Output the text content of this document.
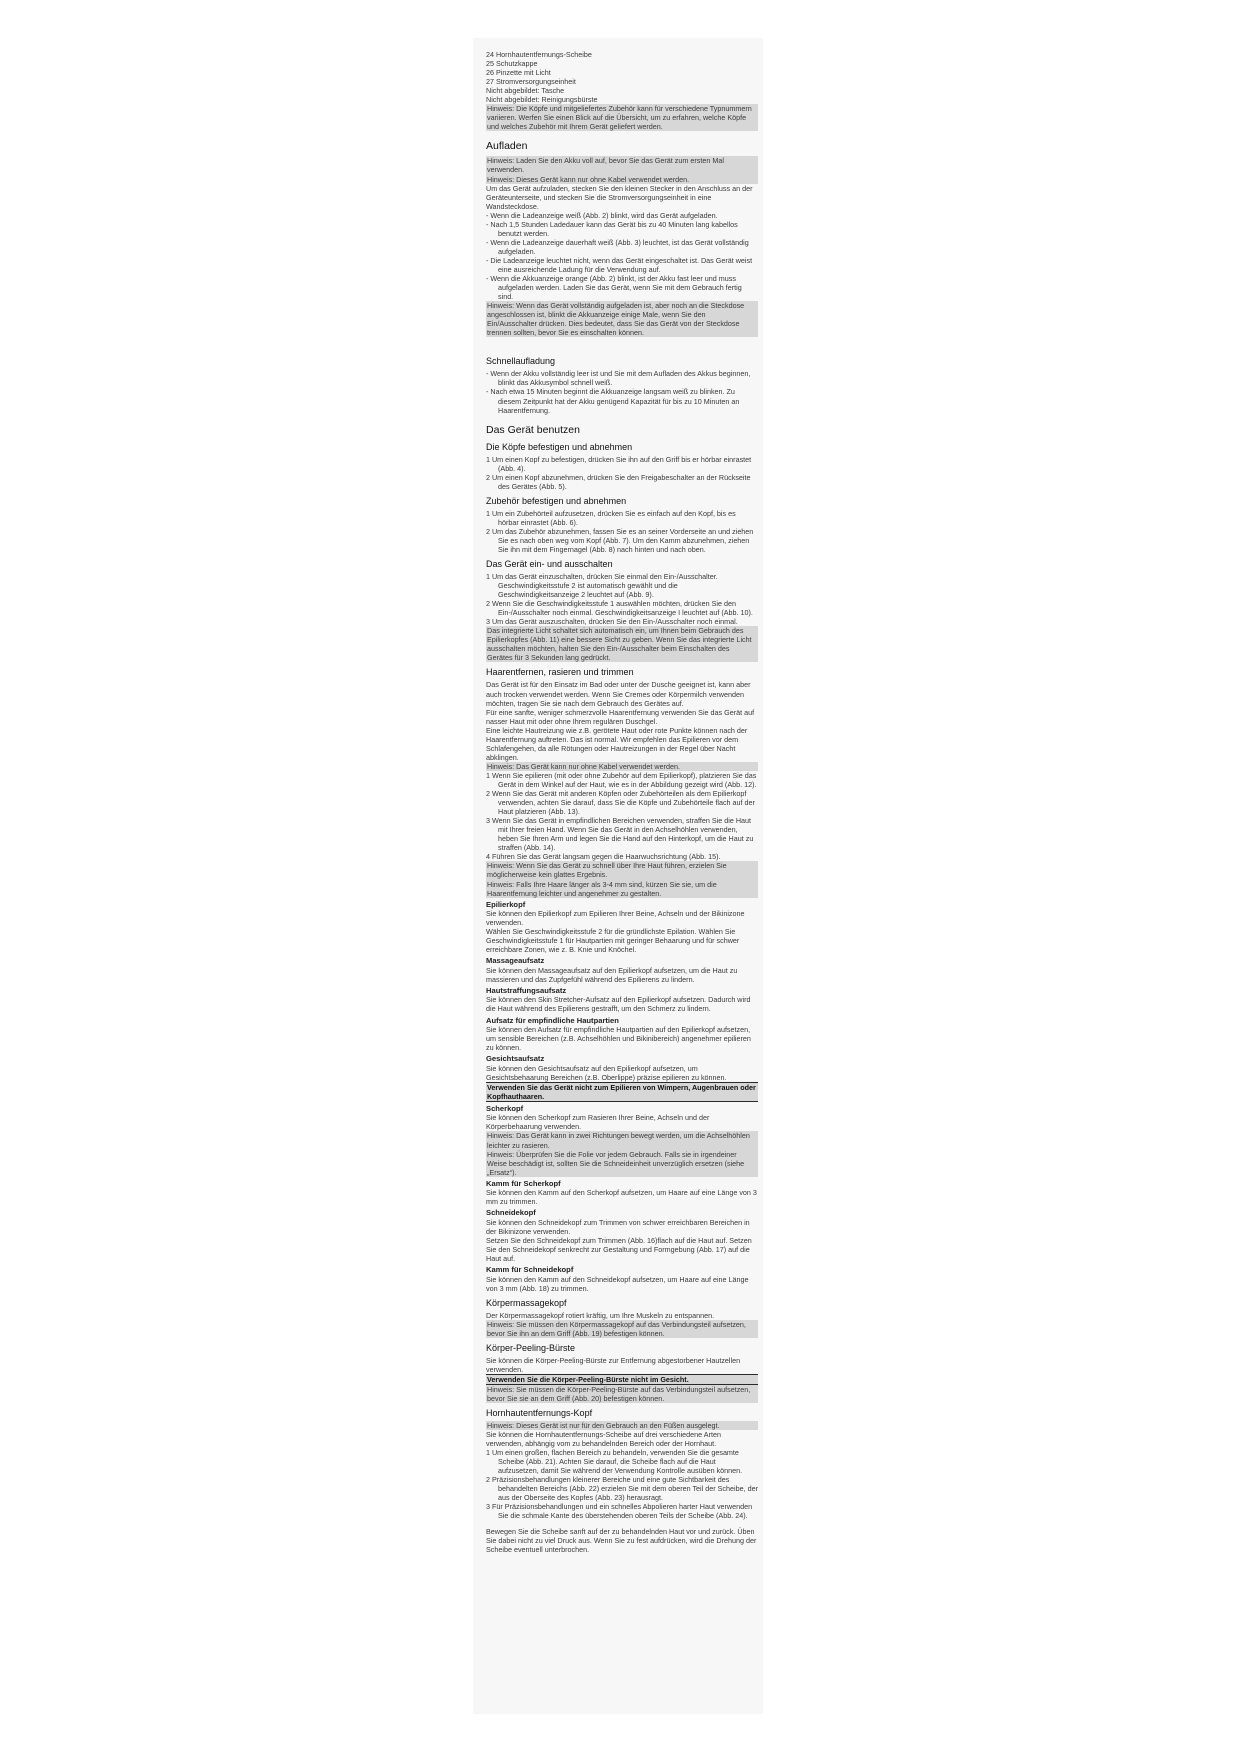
24 Hornhautentfernungs-Scheibe
25 Schutzkappe
26 Pinzette mit Licht
27 Stromversorgungseinheit
Nicht abgebildet: Tasche
Nicht abgebildet: Reinigungsbürste

Hinweis: Die Köpfe und mitgeliefertes Zubehör kann für verschiedene Typnummern variieren. Werfen Sie einen Blick auf die Übersicht, um zu erfahren, welche Köpfe und welches Zubehör mit Ihrem Gerät geliefert werden.

Aufladen

Hinweis: Laden Sie den Akku voll auf, bevor Sie das Gerät zum ersten Mal verwenden.

Hinweis: Dieses Gerät kann nur ohne Kabel verwendet werden.

Um das Gerät aufzuladen, stecken Sie den kleinen Stecker in den Anschluss an der Geräteunterseite, und stecken Sie die Stromversorgungseinheit in eine Wandsteckdose.

- Wenn die Ladeanzeige weiß (Abb. 2) blinkt, wird das Gerät aufgeladen.

- Nach 1,5 Stunden Ladedauer kann das Gerät bis zu 40 Minuten lang kabellos benutzt werden.

- Wenn die Ladeanzeige dauerhaft weiß (Abb. 3) leuchtet, ist das Gerät vollständig aufgeladen.

- Die Ladeanzeige leuchtet nicht, wenn das Gerät eingeschaltet ist. Das Gerät weist eine ausreichende Ladung für die Verwendung auf.

- Wenn die Akkuanzeige orange (Abb. 2) blinkt, ist der Akku fast leer und muss aufgeladen werden. Laden Sie das Gerät, wenn Sie mit dem Gebrauch fertig sind.

Hinweis: Wenn das Gerät vollständig aufgeladen ist, aber noch an die Steckdose angeschlossen ist, blinkt die Akkuanzeige einige Male, wenn Sie den Ein/Ausschalter drücken. Dies bedeutet, dass Sie das Gerät von der Steckdose trennen sollten, bevor Sie es einschalten können.

Schnellaufladung

- Wenn der Akku vollständig leer ist und Sie mit dem Aufladen des Akkus beginnen, blinkt das Akkusymbol schnell weiß.

- Nach etwa 15 Minuten beginnt die Akkuanzeige langsam weiß zu blinken. Zu diesem Zeitpunkt hat der Akku genügend Kapazität für bis zu 10 Minuten an Haarentfernung.

Das Gerät benutzen
Die Köpfe befestigen und abnehmen

1 Um einen Kopf zu befestigen, drücken Sie ihn auf den Griff bis er hörbar einrastet (Abb. 4).

2 Um einen Kopf abzunehmen, drücken Sie den Freigabeschalter an der Rückseite des Gerätes (Abb. 5).

Zubehör befestigen und abnehmen

1 Um ein Zubehörteil aufzusetzen, drücken Sie es einfach auf den Kopf, bis es hörbar einrastet (Abb. 6).

2 Um das Zubehör abzunehmen, fassen Sie es an seiner Vorderseite an und ziehen Sie es nach oben weg vom Kopf (Abb. 7). Um den Kamm abzunehmen, ziehen Sie ihn mit dem Fingernagel (Abb. 8) nach hinten und nach oben.

Das Gerät ein- und ausschalten

1 Um das Gerät einzuschalten, drücken Sie einmal den Ein-/Ausschalter. Geschwindigkeitsstufe 2 ist automatisch gewählt und die Geschwindigkeitsanzeige 2 leuchtet auf (Abb. 9).

2 Wenn Sie die Geschwindigkeitsstufe 1 auswählen möchten, drücken Sie den Ein-/Ausschalter noch einmal. Geschwindigkeitsanzeige I leuchtet auf (Abb. 10).

3 Um das Gerät auszuschalten, drücken Sie den Ein-/Ausschalter noch einmal.

Das integrierte Licht schaltet sich automatisch ein, um Ihnen beim Gebrauch des Epilierkopfes (Abb. 11) eine bessere Sicht zu geben. Wenn Sie das integrierte Licht ausschalten möchten, halten Sie den Ein-/Ausschalter beim Einschalten des Gerätes für 3 Sekunden lang gedrückt.

Haarentfernen, rasieren und trimmen

Das Gerät ist für den Einsatz im Bad oder unter der Dusche geeignet ist, kann aber auch trocken verwendet werden. Wenn Sie Cremes oder Körpermilch verwenden möchten, tragen Sie sie nach dem Gebrauch des Gerätes auf.

Für eine sanfte, weniger schmerzvolle Haarentfernung verwenden Sie das Gerät auf nasser Haut mit oder ohne Ihrem regulären Duschgel.

Eine leichte Hautreizung wie z.B. gerötete Haut oder rote Punkte können nach der Haarentfernung auftreten. Das ist normal. Wir empfehlen das Epilieren vor dem Schlafengehen, da alle Rötungen oder Hautreizungen in der Regel über Nacht abklingen.

Hinweis: Das Gerät kann nur ohne Kabel verwendet werden.

1 Wenn Sie epilieren (mit oder ohne Zubehör auf dem Epilierkopf), platzieren Sie das Gerät in dem Winkel auf der Haut, wie es in der Abbildung gezeigt wird (Abb. 12).

2 Wenn Sie das Gerät mit anderen Köpfen oder Zubehörteilen als dem Epilierkopf verwenden, achten Sie darauf, dass Sie die Köpfe und Zubehörteile flach auf der Haut platzieren (Abb. 13).

3 Wenn Sie das Gerät in empfindlichen Bereichen verwenden, straffen Sie die Haut mit Ihrer freien Hand. Wenn Sie das Gerät in den Achselhöhlen verwenden, heben Sie Ihren Arm und legen Sie die Hand auf den Hinterkopf, um die Haut zu straffen (Abb. 14).

4 Führen Sie das Gerät langsam gegen die Haarwuchsrichtung (Abb. 15).

Hinweis: Wenn Sie das Gerät zu schnell über Ihre Haut führen, erzielen Sie möglicherweise kein glattes Ergebnis.

Hinweis: Falls Ihre Haare länger als 3-4 mm sind, kürzen Sie sie, um die Haarentfernung leichter und angenehmer zu gestalten.

Epilierkopf

Sie können den Epilierkopf zum Epilieren Ihrer Beine, Achseln und der Bikinizone verwenden.

Wählen Sie Geschwindigkeitsstufe 2 für die gründlichste Epilation. Wählen Sie Geschwindigkeitsstufe 1 für Hautpartien mit geringer Behaarung und für schwer erreichbare Zonen, wie z. B. Knie und Knöchel.

Massageaufsatz

Sie können den Massageaufsatz auf den Epilierkopf aufsetzen, um die Haut zu massieren und das Zupfgefühl während des Epilierens zu lindern.

Hautstraffungsaufsatz

Sie können den Skin Stretcher-Aufsatz auf den Epilierkopf aufsetzen. Dadurch wird die Haut während des Epilierens gestrafft, um den Schmerz zu lindern.

Aufsatz für empfindliche Hautpartien

Sie können den Aufsatz für empfindliche Hautpartien auf den Epilierkopf aufsetzen, um sensible Bereichen (z.B. Achselhöhlen und Bikinibereich) angenehmer epilieren zu können.

Gesichtsaufsatz

Sie können den Gesichtsaufsatz auf den Epilierkopf aufsetzen, um Gesichtsbehaarung Bereichen (z.B. Oberlippe) präzise epilieren zu können.

Verwenden Sie das Gerät nicht zum Epilieren von Wimpern, Augenbrauen oder Kopfhauthaaren.

Scherkopf

Sie können den Scherkopf zum Rasieren Ihrer Beine, Achseln und der Körperbehaarung verwenden.

Hinweis: Das Gerät kann in zwei Richtungen bewegt werden, um die Achselhöhlen leichter zu rasieren.

Hinweis: Überprüfen Sie die Folie vor jedem Gebrauch. Falls sie in irgendeiner Weise beschädigt ist, sollten Sie die Schneideinheit unverzüglich ersetzen (siehe „Ersatz“).

Kamm für Scherkopf

Sie können den Kamm auf den Scherkopf aufsetzen, um Haare auf eine Länge von 3 mm zu trimmen.

Schneidekopf

Sie können den Schneidekopf zum Trimmen von schwer erreichbaren Bereichen in der Bikinizone verwenden.

Setzen Sie den Schneidekopf zum Trimmen (Abb. 16)flach auf die Haut auf. Setzen Sie den Schneidekopf senkrecht zur Gestaltung und Formgebung (Abb. 17) auf die Haut auf.

Kamm für Schneidekopf

Sie können den Kamm auf den Schneidekopf aufsetzen, um Haare auf eine Länge von 3 mm (Abb. 18) zu trimmen.

Körpermassagekopf

Der Körpermassagekopf rotiert kräftig, um Ihre Muskeln zu entspannen.

Hinweis: Sie müssen den Körpermassagekopf auf das Verbindungsteil aufsetzen, bevor Sie ihn an dem Griff (Abb. 19) befestigen können.

Körper-Peeling-Bürste

Sie können die Körper-Peeling-Bürste zur Entfernung abgestorbener Hautzellen verwenden.

Verwenden Sie die Körper-Peeling-Bürste nicht im Gesicht.

Hinweis: Sie müssen die Körper-Peeling-Bürste auf das Verbindungsteil aufsetzen, bevor Sie sie an dem Griff (Abb. 20) befestigen können.

Hornhautentfernungs-Kopf

Hinweis: Dieses Gerät ist nur für den Gebrauch an den Füßen ausgelegt.

Sie können die Hornhautentfernungs-Scheibe auf drei verschiedene Arten verwenden, abhängig vom zu behandelnden Bereich oder der Hornhaut.

1 Um einen großen, flachen Bereich zu behandeln, verwenden Sie die gesamte Scheibe (Abb. 21). Achten Sie darauf, die Scheibe flach auf die Haut aufzusetzen, damit Sie während der Verwendung Kontrolle ausüben können.

2 Präzisionsbehandlungen kleinerer Bereiche und eine gute Sichtbarkeit des behandelten Bereichs (Abb. 22) erzielen Sie mit dem oberen Teil der Scheibe, der aus der Oberseite des Kopfes (Abb. 23) herausragt.

3 Für Präzisionsbehandlungen und ein schnelles Abpolieren harter Haut verwenden Sie die schmale Kante des überstehenden oberen Teils der Scheibe (Abb. 24).

Bewegen Sie die Scheibe sanft auf der zu behandelnden Haut vor und zurück. Üben Sie dabei nicht zu viel Druck aus. Wenn Sie zu fest aufdrücken, wird die Drehung der Scheibe eventuell unterbrochen.
